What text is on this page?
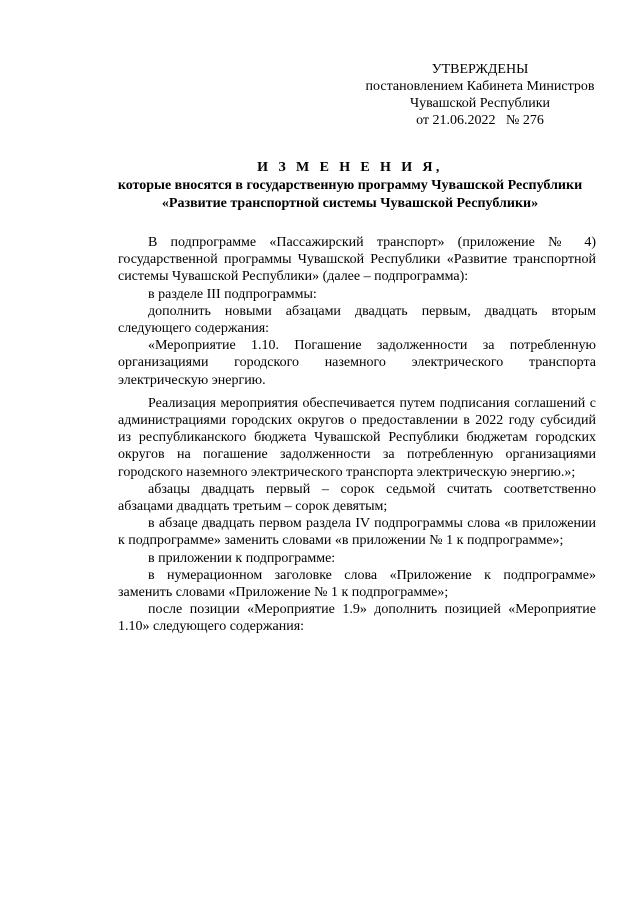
УТВЕРЖДЕНЫ
постановлением Кабинета Министров
Чувашской Республики
от 21.06.2022   № 276
И З М Е Н Е Н И Я,
которые вносятся в государственную программу Чувашской Республики
«Развитие транспортной системы Чувашской Республики»

В подпрограмме «Пассажирский транспорт» (приложение № 4) государственной программы Чувашской Республики «Развитие транспортной системы Чувашской Республики» (далее – подпрограмма):

в разделе III подпрограммы:

дополнить новыми абзацами двадцать первым, двадцать вторым следующего содержания:

«Мероприятие 1.10. Погашение задолженности за потребленную организациями городского наземного электрического транспорта электрическую энергию.

Реализация мероприятия обеспечивается путем подписания соглашений с администрациями городских округов о предоставлении в 2022 году субсидий из республиканского бюджета Чувашской Республики бюджетам городских округов на погашение задолженности за потребленную организациями городского наземного электрического транспорта электрическую энергию.»;

абзацы двадцать первый – сорок седьмой считать соответственно абзацами двадцать третьим – сорок девятым;

в абзаце двадцать первом раздела IV подпрограммы слова «в приложении к подпрограмме» заменить словами «в приложении № 1 к подпрограмме»;

в приложении к подпрограмме:

в нумерационном заголовке слова «Приложение к подпрограмме» заменить словами «Приложение № 1 к подпрограмме»;

после позиции «Мероприятие 1.9» дополнить позицией «Мероприятие 1.10» следующего содержания:
